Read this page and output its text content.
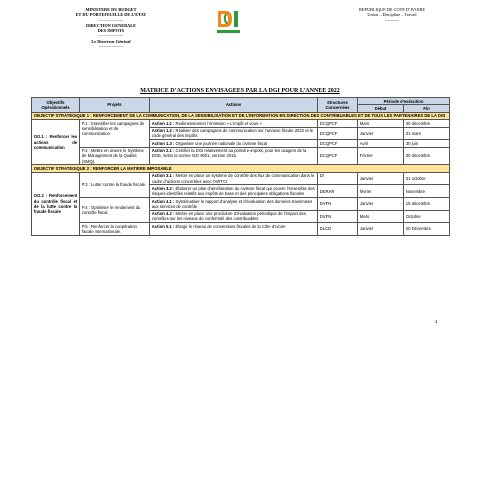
MINISTERE DU BUDGET
ET DU PORTEFEUILLE DE L’ETAT
---------------
DIRECTION GENERALE
DES IMPOTS
---------------
Le Directeur Général
---------------
REPUBLIQUE DE COTE D’IVOIRE
Union – Discipline – Travail
----------
MATRICE D’ACTIONS ENVISAGEES PAR LA DGI POUR L’ANNEE 2022
Objectifs Opérationnels	Projets	Actions	Structures Concernées	Période d’exécution	
				Début	Fin
OBJECTIF STRATEGIQUE 1 : RENFORCEMENT DE LA COMMUNICATION, DE LA SENSIBILISATION ET DE L’INFORMATION EN DIRECTION DES CONTRIBUABLES ET DE TOUS LES PARTENAIRES DE LA DGI					
OO.1 : Renforcer les actions de communication	P.1 : Intensifier les campagnes de sensibilisation et de communication	Action 1.1 : Redimensionner l’émission « L’impôt et vous »	DCQPCF	Mars	30 décembre
		Action 1.2 : Réaliser des campagnes de communication sur l’annexe fiscale 2022 et le code général des impôts	DCQPCF	Janvier	31 mars
		Action 1.3 : Organiser une journée nationale du civisme fiscal	DCQPCF	Avril	30 juin
	P.2 : Mettre en œuvre le Système de Management de la Qualité (SMQ).	Action 2.1 : Certifier la DGI relativement au portail e-impots, pour les usagers de la DGE, selon la norme ISO 9001, version 2015.	DCQPCF	Février	30 décembre
OBJECTIF STRATEGIQUE 2 : RENFORCER LA MATIERE IMPOSABLE					
OO.2 : Renforcement du contrôle fiscal et de la lutte contre la fraude fiscale	P.3 : Lutter contre la fraude fiscale.	Action 3.1 : Mettre en place un système de contrôle des flux de communication dans le cadre d’actions concertées avec l’ARTCI	DI	Janvier	31 octobre
		Action 3.2 : Élaborer un plan d’amélioration du civisme fiscal qui couvre l’ensemble des risques identifiés relatifs aux impôts de base et des principales obligations fiscales	DERAR	février	Novembre
	P.4 : Optimiser le rendement du contrôle fiscal.	Action 4.1 : Systématiser le rapport d’analyse et d’évaluation des données transmises aux services de contrôle	DVFN	Janvier	15 décembre
		Action 4.2 : Mettre en place une procédure d’évaluation périodique de l’impact des contrôles sur les niveaux de conformité des contribuables	DVFN	Mars	Octobre
	P.5 : Renforcer la coopération fiscale internationale.	Action 5.1 : Élargir le réseau de conventions fiscales de la Côte d’Ivoire	DLCD	Janvier	20 Décembre
1
